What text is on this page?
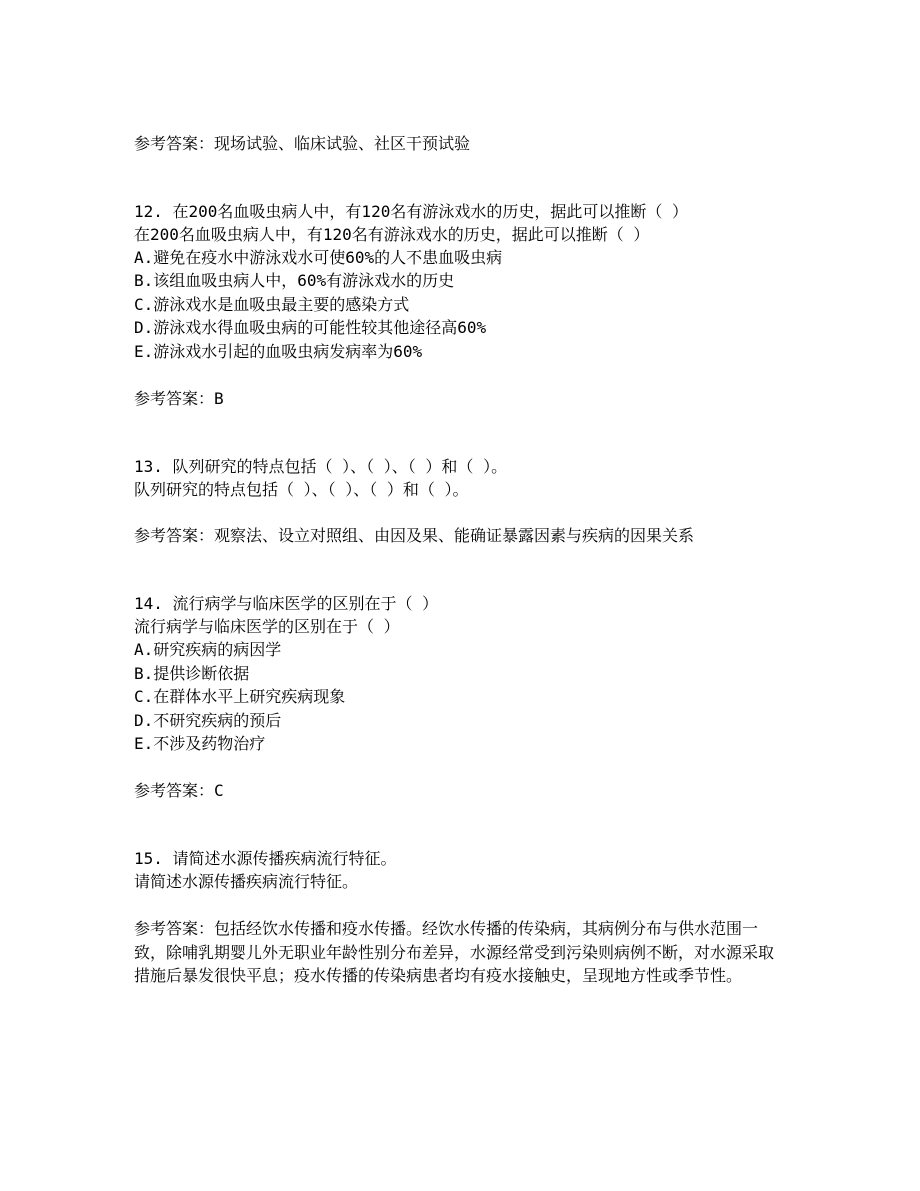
参考答案：现场试验、临床试验、社区干预试验
12. 在200名血吸虫病人中，有120名有游泳戏水的历史，据此可以推断（ ）
在200名血吸虫病人中，有120名有游泳戏水的历史，据此可以推断（ ）
A.避免在疫水中游泳戏水可使60%的人不患血吸虫病
B.该组血吸虫病人中，60%有游泳戏水的历史
C.游泳戏水是血吸虫最主要的感染方式
D.游泳戏水得血吸虫病的可能性较其他途径高60%
E.游泳戏水引起的血吸虫病发病率为60%
参考答案：B
13. 队列研究的特点包括（ ）、（ ）、（ ）和（ ）。
队列研究的特点包括（ ）、（ ）、（ ）和（ ）。
参考答案：观察法、设立对照组、由因及果、能确证暴露因素与疾病的因果关系
14. 流行病学与临床医学的区别在于（ ）
流行病学与临床医学的区别在于（ ）
A.研究疾病的病因学
B.提供诊断依据
C.在群体水平上研究疾病现象
D.不研究疾病的预后
E.不涉及药物治疗
参考答案：C
15. 请简述水源传播疾病流行特征。
请简述水源传播疾病流行特征。
参考答案：包括经饮水传播和疫水传播。经饮水传播的传染病，其病例分布与供水范围一致，除哺乳期婴儿外无职业年龄性别分布差异，水源经常受到污染则病例不断，对水源采取措施后暴发很快平息；疫水传播的传染病患者均有疫水接触史，呈现地方性或季节性。
